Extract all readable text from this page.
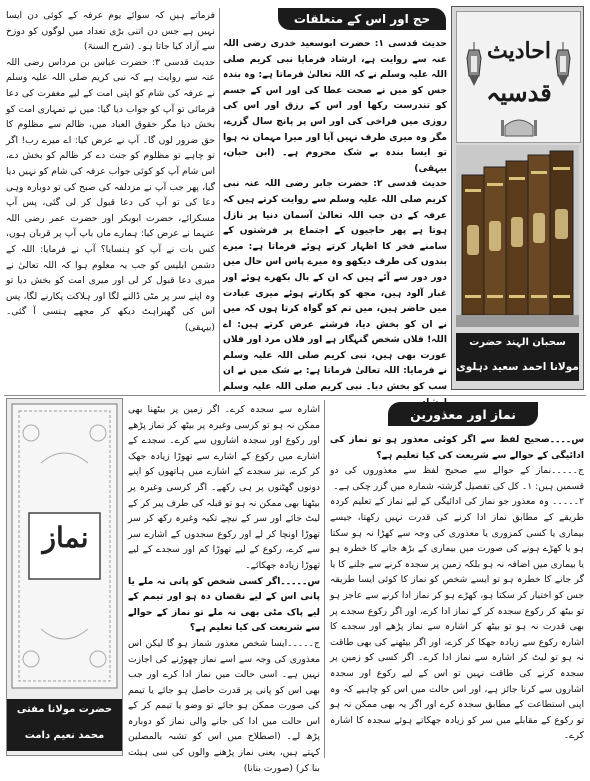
احادیث
قدسیہ
سحبان الہند حضرت
مولانا احمد سعید دہلوی
حج اور اس کے متعلقات

حدیث قدسی ۱: حضرت ابوسعید خدری رضی اللہ عنہ سے روایت ہے، ارشاد فرمایا نبی کریم صلی اللہ علیہ وسلم نے کہ اللہ تعالیٰ فرماتا ہے: وہ بندہ جس کو میں نے صحت عطا کی اور اس کے جسم کو تندرست رکھا اور اس کے رزق اور اس کی روزی میں فراخی کی اور اس پر پانچ سال گزرے، مگر وہ میری طرف نہیں آیا اور میرا مہمان نہ ہوا تو ایسا بندہ بے شک محروم ہے۔ (ابن حبان، بیہقی)

حدیث قدسی ۲: حضرت جابر رضی اللہ عنہ نبی کریم صلی اللہ علیہ وسلم سے روایت کرتے ہیں کہ عرفہ کے دن جب اللہ تعالیٰ آسمان دنیا پر نازل ہوتا ہے پھر حاجیوں کے اجتماع پر فرشتوں کے سامنے فخر کا اظہار کرتے ہوئے فرماتا ہے: میرے بندوں کی طرف دیکھو وہ میرے پاس اس حال میں دور دور سے آئے ہیں کہ ان کے بال بکھرے ہوئے اور غبار آلود ہیں، مجھ کو پکارتے ہوئے میری عبادت میں حاضر ہیں، میں تم کو گواہ کرتا ہوں کہ میں نے ان کو بخش دیا، فرشتے عرض کرتے ہیں: اے اللہ! فلاں شخص گنہگار ہے اور فلاں مرد اور فلاں عورت بھی ہیں، نبی کریم صلی اللہ علیہ وسلم نے فرمایا: اللہ تعالیٰ فرماتا ہے: بے شک میں نے ان سب کو بخش دیا۔ نبی کریم صلی اللہ علیہ وسلم

فرماتے ہیں کہ سوائے یوم عرفہ کے کوئی دن ایسا نہیں ہے جس دن اتنی بڑی تعداد میں لوگوں کو دوزخ سے آزاد کیا جاتا ہو۔ (شرح السنۃ)

حدیث قدسی ۳: حضرت عباس بن مرداس رضی اللہ عنہ سے روایت ہے کہ نبی کریم صلی اللہ علیہ وسلم نے عرفہ کی شام کو اپنی امت کے لیے مغفرت کی دعا فرمائی تو آپ کو جواب دیا گیا: میں نے تمہاری امت کو بخش دیا مگر حقوق العباد میں، ظالم سے مظلوم کا حق ضرور لوں گا۔ آپ نے عرض کیا: اے میرے رب! اگر تو چاہے تو مظلوم کو جنت دے کر ظالم کو بخش دے، اس شام آپ کو کوئی جواب عرفہ کی شام کو نہیں دیا گیا، پھر جب آپ نے مزدلفہ کی صبح کی تو دوبارہ وہی دعا کی تو آپ کی دعا قبول کر لی گئی، پس آپ مسکرائے، حضرت ابوبکر اور حضرت عمر رضی اللہ عنہما نے عرض کیا: ہمارے ماں باپ آپ پر قربان ہوں، کس بات نے آپ کو ہنسایا؟ آپ نے فرمایا: اللہ کے دشمن ابلیس کو جب یہ معلوم ہوا کہ اللہ تعالیٰ نے میری دعا قبول کر لی اور میری امت کو بخش دیا تو وہ اپنے سر پر مٹی ڈالنے لگا اور ہلاکت پکارنے لگا، پس اس کی گھبراہٹ دیکھ کر مجھے ہنسی آ گئی۔ (بیہقی)

نماز
حضرت مولانا مفتی
محمد نعیم دامت برکاتہم

اشارہ سے سجدہ کرے۔ اگر زمین پر بیٹھنا بھی ممکن نہ ہو تو کرسی وغیرہ پر بیٹھ کر نماز پڑھے اور رکوع اور سجدہ اشاروں سے کرے۔ سجدے کے اشارے میں رکوع کے اشارے سے تھوڑا زیادہ جھک کر کرے، نیز سجدے کے اشارے میں ہاتھوں کو اپنے دونوں گھٹنوں پر ہی رکھے۔ اگر کرسی وغیرہ پر بیٹھنا بھی ممکن نہ ہو تو قبلہ کی طرف پیر کر کے لیٹ جائے اور سر کے نیچے تکیہ وغیرہ رکھ کر سر تھوڑا اونچا کر لے اور رکوع سجدوں کے اشارے سر سے کرے، رکوع کے لیے تھوڑا کم اور سجدے کے لیے تھوڑا زیادہ جھکائے۔

س۔۔۔۔۔اگر کسی شخص کو پانی نہ ملے یا پانی اس کے لیے نقصان دہ ہو اور تیمم کے لیے پاک مٹی بھی نہ ملے تو نماز کے حوالے سے شریعت کی کیا تعلیم ہے؟

ج۔۔۔۔۔ایسا شخص معذور شمار ہو گا لیکن اس معذوری کی وجہ سے اسے نماز چھوڑنے کی اجازت نہیں ہے۔ اسی حالت میں نماز ادا کرے اور جب بھی اس کو پانی پر قدرت حاصل ہو جائے یا تیمم کی صورت ممکن ہو جائے تو وضو یا تیمم کر کے اس حالت میں ادا کی جانے والی نماز کو دوبارہ پڑھ لے۔ (اصطلاح میں اس کو تشبہ بالمصلین کہتے ہیں، یعنی نماز پڑھنے والوں کی سی ہیئت بنا کر) (صورت بنانا)

نماز اور معذورین

س۔۔۔۔صحیح لفظ سے اگر کوئی معذور ہو تو نماز کی ادائیگی کے حوالے سے شریعت کی کیا تعلیم ہے؟

ج۔۔۔۔۔نماز کے حوالے سے صحیح لفظ سے معذوروں کی دو قسمیں ہیں: ۱۔ کل کی تفصیل گزشتہ شمارہ میں گزر چکی ہے۔

۲۔۔۔۔۔ وہ معذور جو نماز کی ادائیگی کے لیے نماز کے تعلیم کردہ طریقے کے مطابق نماز ادا کرنے کی قدرت نہیں رکھتا، جیسے بیماری یا کسی کمزوری یا معذوری کی وجہ سے کھڑا نہ ہو سکتا ہو یا کھڑے ہونے کی صورت میں بیماری کے بڑھ جانے کا خطرہ ہو یا بیماری میں اضافہ نہ ہو بلکہ زمین پر سجدہ کرنے سے جلنے کا یا گر جانے کا خطرہ ہو تو ایسے شخص کو نماز کا کوئی ایسا طریقہ جس کو اختیار کر سکتا ہو، کھڑے ہو کر نماز ادا کرنے سے عاجز ہو تو بیٹھ کر رکوع سجدہ کر کے نماز ادا کرے، اور اگر رکوع سجدے پر بھی قدرت نہ ہو تو بیٹھ کر اشارہ سے نماز پڑھے اور سجدے کا اشارہ رکوع سے زیادہ جھکا کر کرے، اور اگر بیٹھنے کی بھی طاقت نہ ہو تو لیٹ کر اشارہ سے نماز ادا کرے۔ اگر کسی کو زمین پر سجدہ کرنے کی طاقت نہیں تو اس کے لیے رکوع اور سجدہ اشاروں سے کرنا جائز ہے، اور اس حالت میں اس کو چاہیے کہ وہ اپنی استطاعت کے مطابق سجدہ کرے اور اگر یہ بھی ممکن نہ ہو تو رکوع کے مقابلے میں سر کو زیادہ جھکاتے ہوئے سجدہ کا اشارہ کرے۔
